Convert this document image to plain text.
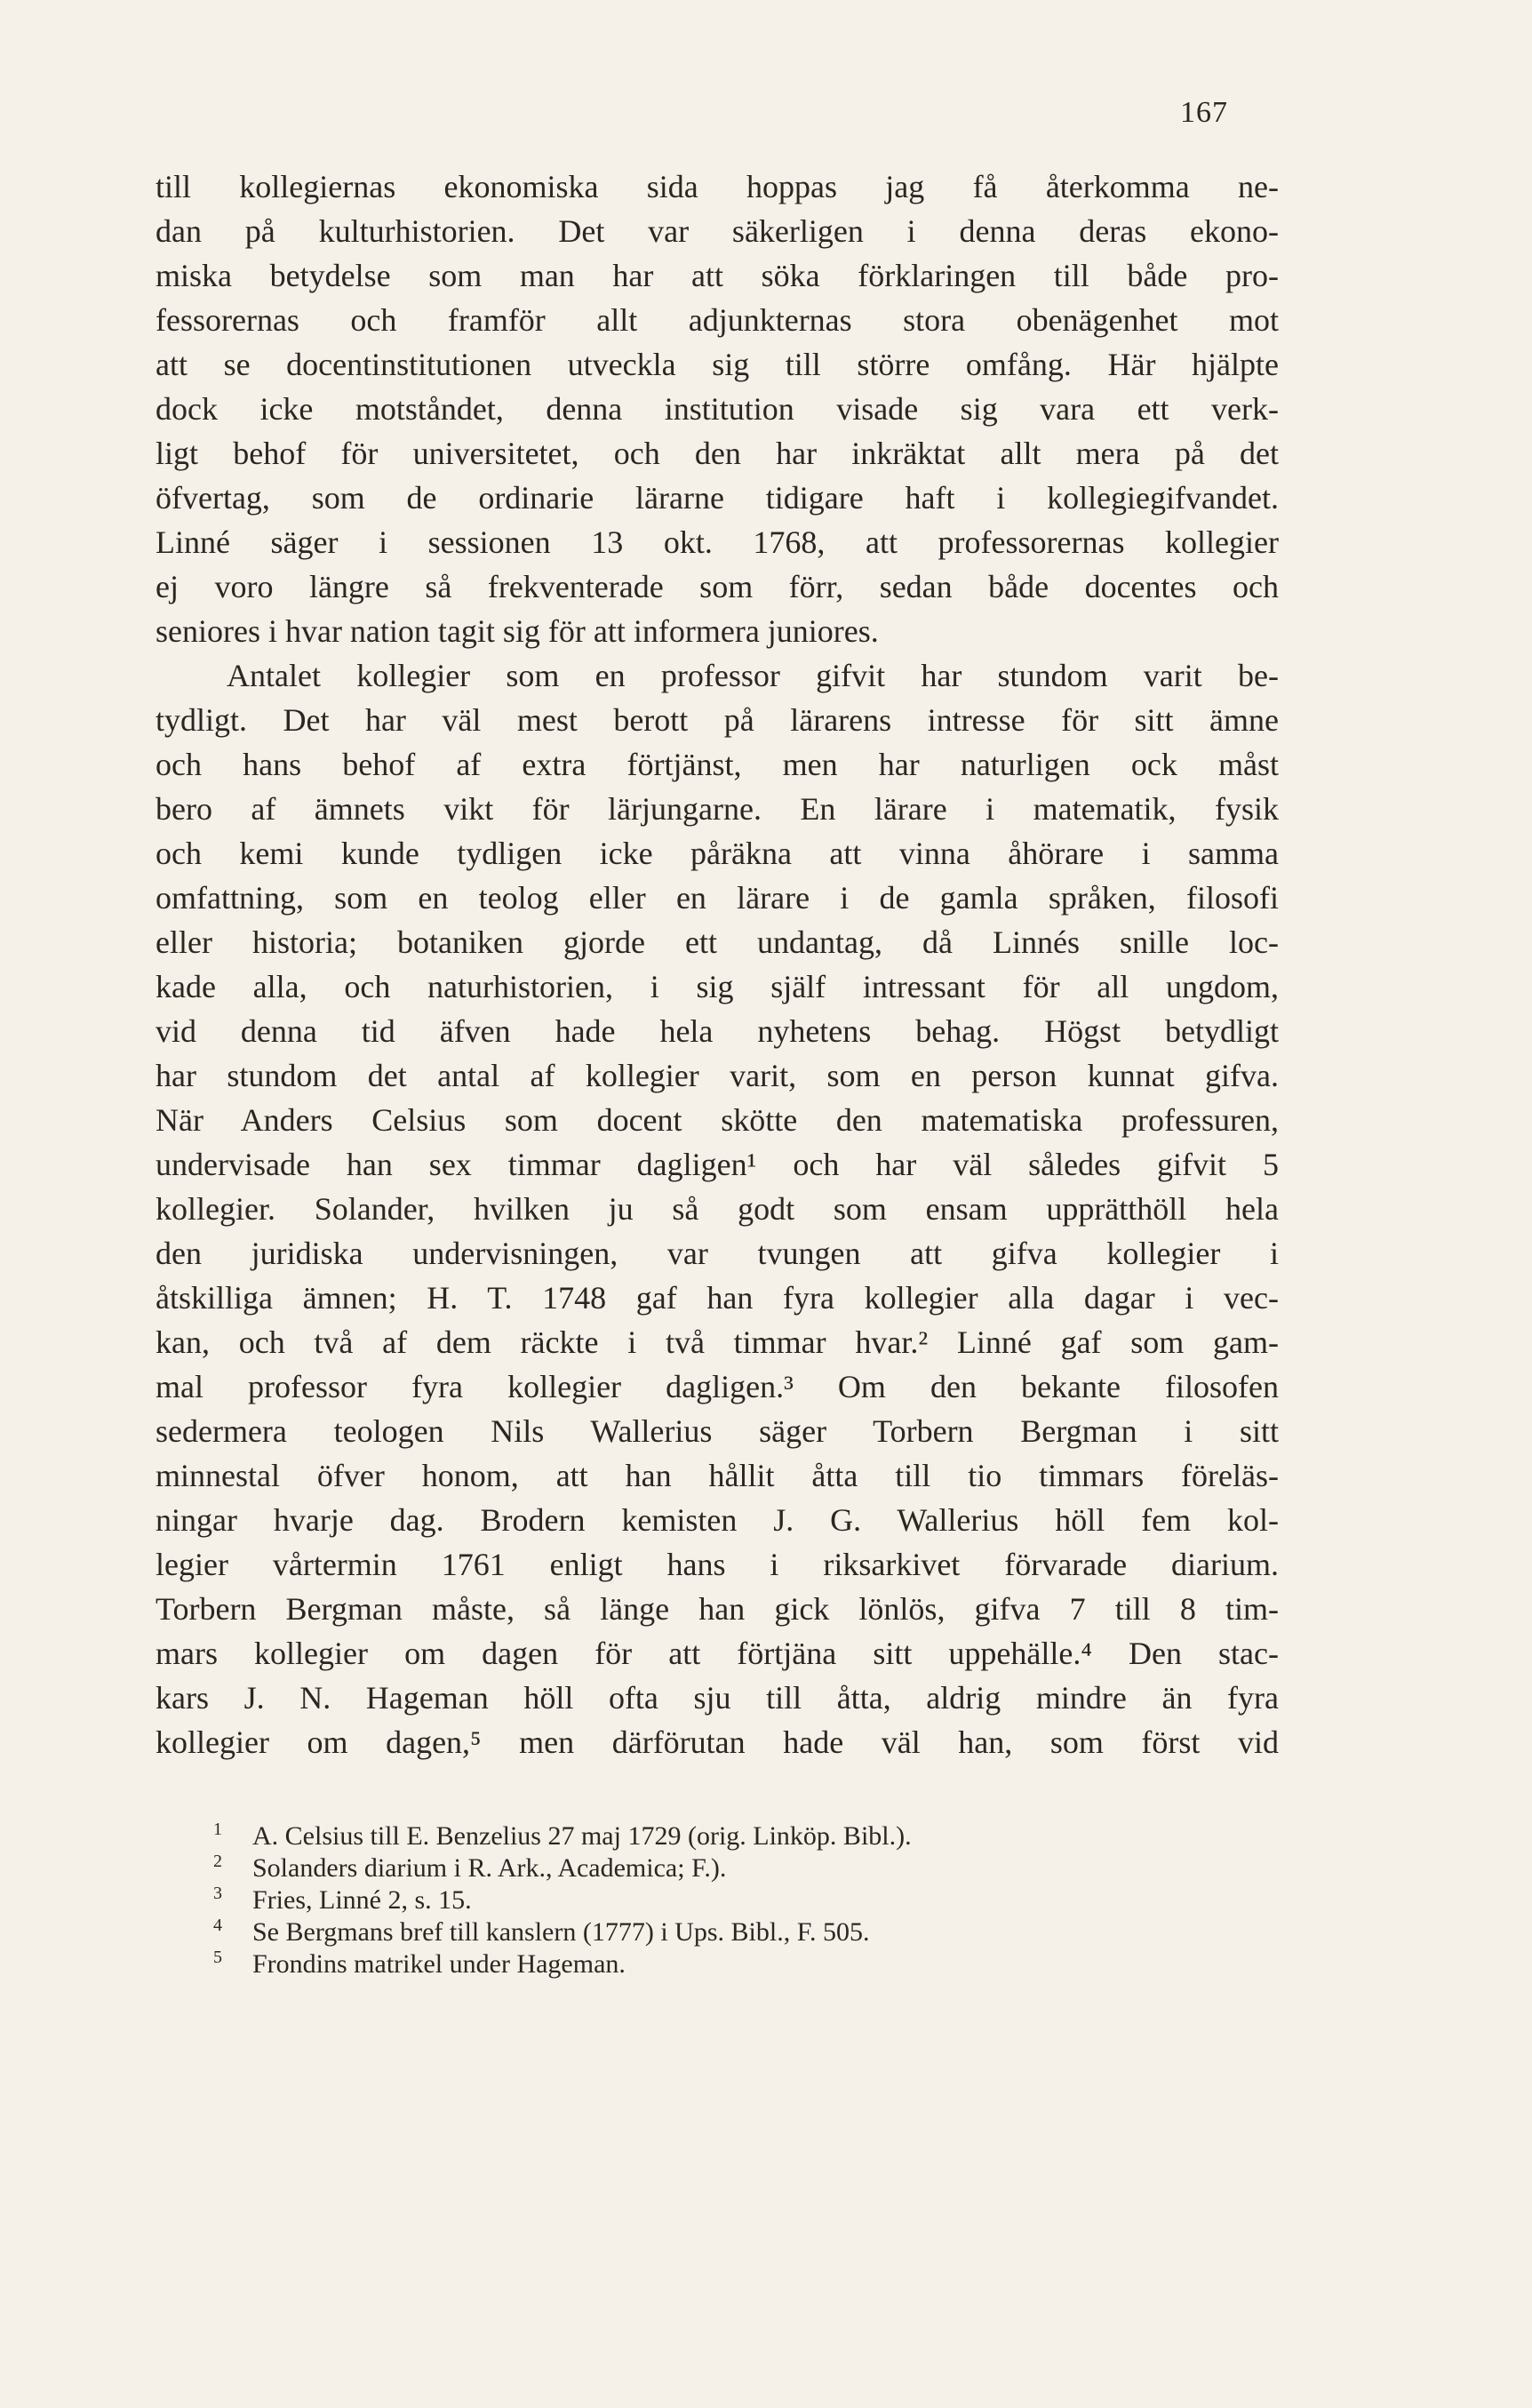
167
till kollegiernas ekonomiska sida hoppas jag få återkomma ne-
dan på kulturhistorien. Det var säkerligen i denna deras ekono-
miska betydelse som man har att söka förklaringen till både pro-
fessorernas och framför allt adjunkternas stora obenägenhet mot
att se docentinstitutionen utveckla sig till större omfång. Här hjälpte
dock icke motståndet, denna institution visade sig vara ett verk-
ligt behof för universitetet, och den har inkräktat allt mera på det
öfvertag, som de ordinarie lärarne tidigare haft i kollegiegifvandet.
Linné säger i sessionen 13 okt. 1768, att professorernas kollegier
ej voro längre så frekventerade som förr, sedan både docentes och
seniores i hvar nation tagit sig för att informera juniores.
Antalet kollegier som en professor gifvit har stundom varit be-
tydligt. Det har väl mest berott på lärarens intresse för sitt ämne
och hans behof af extra förtjänst, men har naturligen ock måst
bero af ämnets vikt för lärjungarne. En lärare i matematik, fysik
och kemi kunde tydligen icke påräkna att vinna åhörare i samma
omfattning, som en teolog eller en lärare i de gamla språken, filosofi
eller historia; botaniken gjorde ett undantag, då Linnés snille loc-
kade alla, och naturhistorien, i sig själf intressant för all ungdom,
vid denna tid äfven hade hela nyhetens behag. Högst betydligt
har stundom det antal af kollegier varit, som en person kunnat gifva.
När Anders Celsius som docent skötte den matematiska professuren,
undervisade han sex timmar dagligen¹ och har väl således gifvit 5
kollegier. Solander, hvilken ju så godt som ensam upprätthöll hela
den juridiska undervisningen, var tvungen att gifva kollegier i
åtskilliga ämnen; H. T. 1748 gaf han fyra kollegier alla dagar i vec-
kan, och två af dem räckte i två timmar hvar.² Linné gaf som gam-
mal professor fyra kollegier dagligen.³ Om den bekante filosofen
sedermera teologen Nils Wallerius säger Torbern Bergman i sitt
minnestal öfver honom, att han hållit åtta till tio timmars föreläs-
ningar hvarje dag. Brodern kemisten J. G. Wallerius höll fem kol-
legier vårtermin 1761 enligt hans i riksarkivet förvarade diarium.
Torbern Bergman måste, så länge han gick lönlös, gifva 7 till 8 tim-
mars kollegier om dagen för att förtjäna sitt uppehälle.⁴ Den stac-
kars J. N. Hageman höll ofta sju till åtta, aldrig mindre än fyra
kollegier om dagen,⁵ men därförutan hade väl han, som först vid
1 A. Celsius till E. Benzelius 27 maj 1729 (orig. Linköp. Bibl.).
2 Solanders diarium i R. Ark., Academica; F.).
3 Fries, Linné 2, s. 15.
4 Se Bergmans bref till kanslern (1777) i Ups. Bibl., F. 505.
5 Frondins matrikel under Hageman.
